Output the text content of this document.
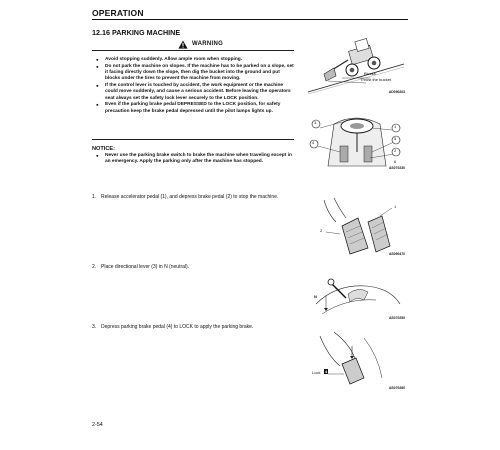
OPERATION
12.16 PARKING MACHINE
WARNING
● Avoid stopping suddenly. Allow ample room when stopping.
● Do not park the machine on slopes. If the machine has to be parked on a slope, set it facing directly down the slope, then dig the bucket into the ground and put blocks under the tires to prevent the machine from moving.
● If the control lever is touched by accident, the work equipment or the machine could move suddenly, and cause a serious accident. Before leaving the operators seat always set the safety lock lever securely to the LOCK position.
● Even if the parking brake pedal DEPRESSED to the LOCK position, for safety precaution keep the brake pedal depressed until the pilot lamps lights up.
NOTICE:
● Never use the parking brake switch to brake the machine when traveling except in an emergency. Apply the parking only after the machine has stopped.
1. Release accelerator pedal (1), and depress brake pedal (2) to stop the machine.
2. Place directional lever (3) in N (neutral).
3. Depress parking brake pedal (4) to LOCK to apply the parking brake.
Blocks
Thrust the bucket
AD090203
3
1
5
4
2
6
AS070230
2
1
AS090470
N
AS070250
Lock 4
AS070260
2-54
